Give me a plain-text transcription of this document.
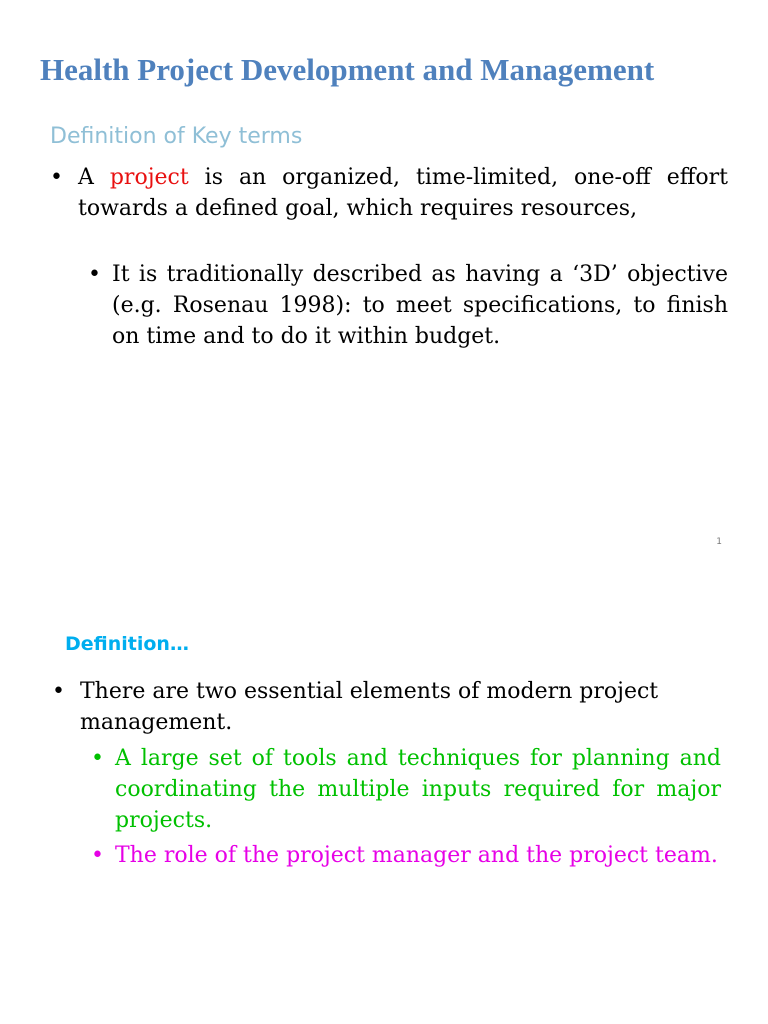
Health Project Development and Management
Definition of Key terms
• A project is an organized, time-limited, one-off effort towards a defined goal, which requires resources,
• It is traditionally described as having a ‘3D’ objective (e.g. Rosenau 1998): to meet specifications, to finish on time and to do it within budget.
1
Definition…
• There are two essential elements of modern project management.
• A large set of tools and techniques for planning and coordinating the multiple inputs required for major projects.
• The role of the project manager and the project team.
